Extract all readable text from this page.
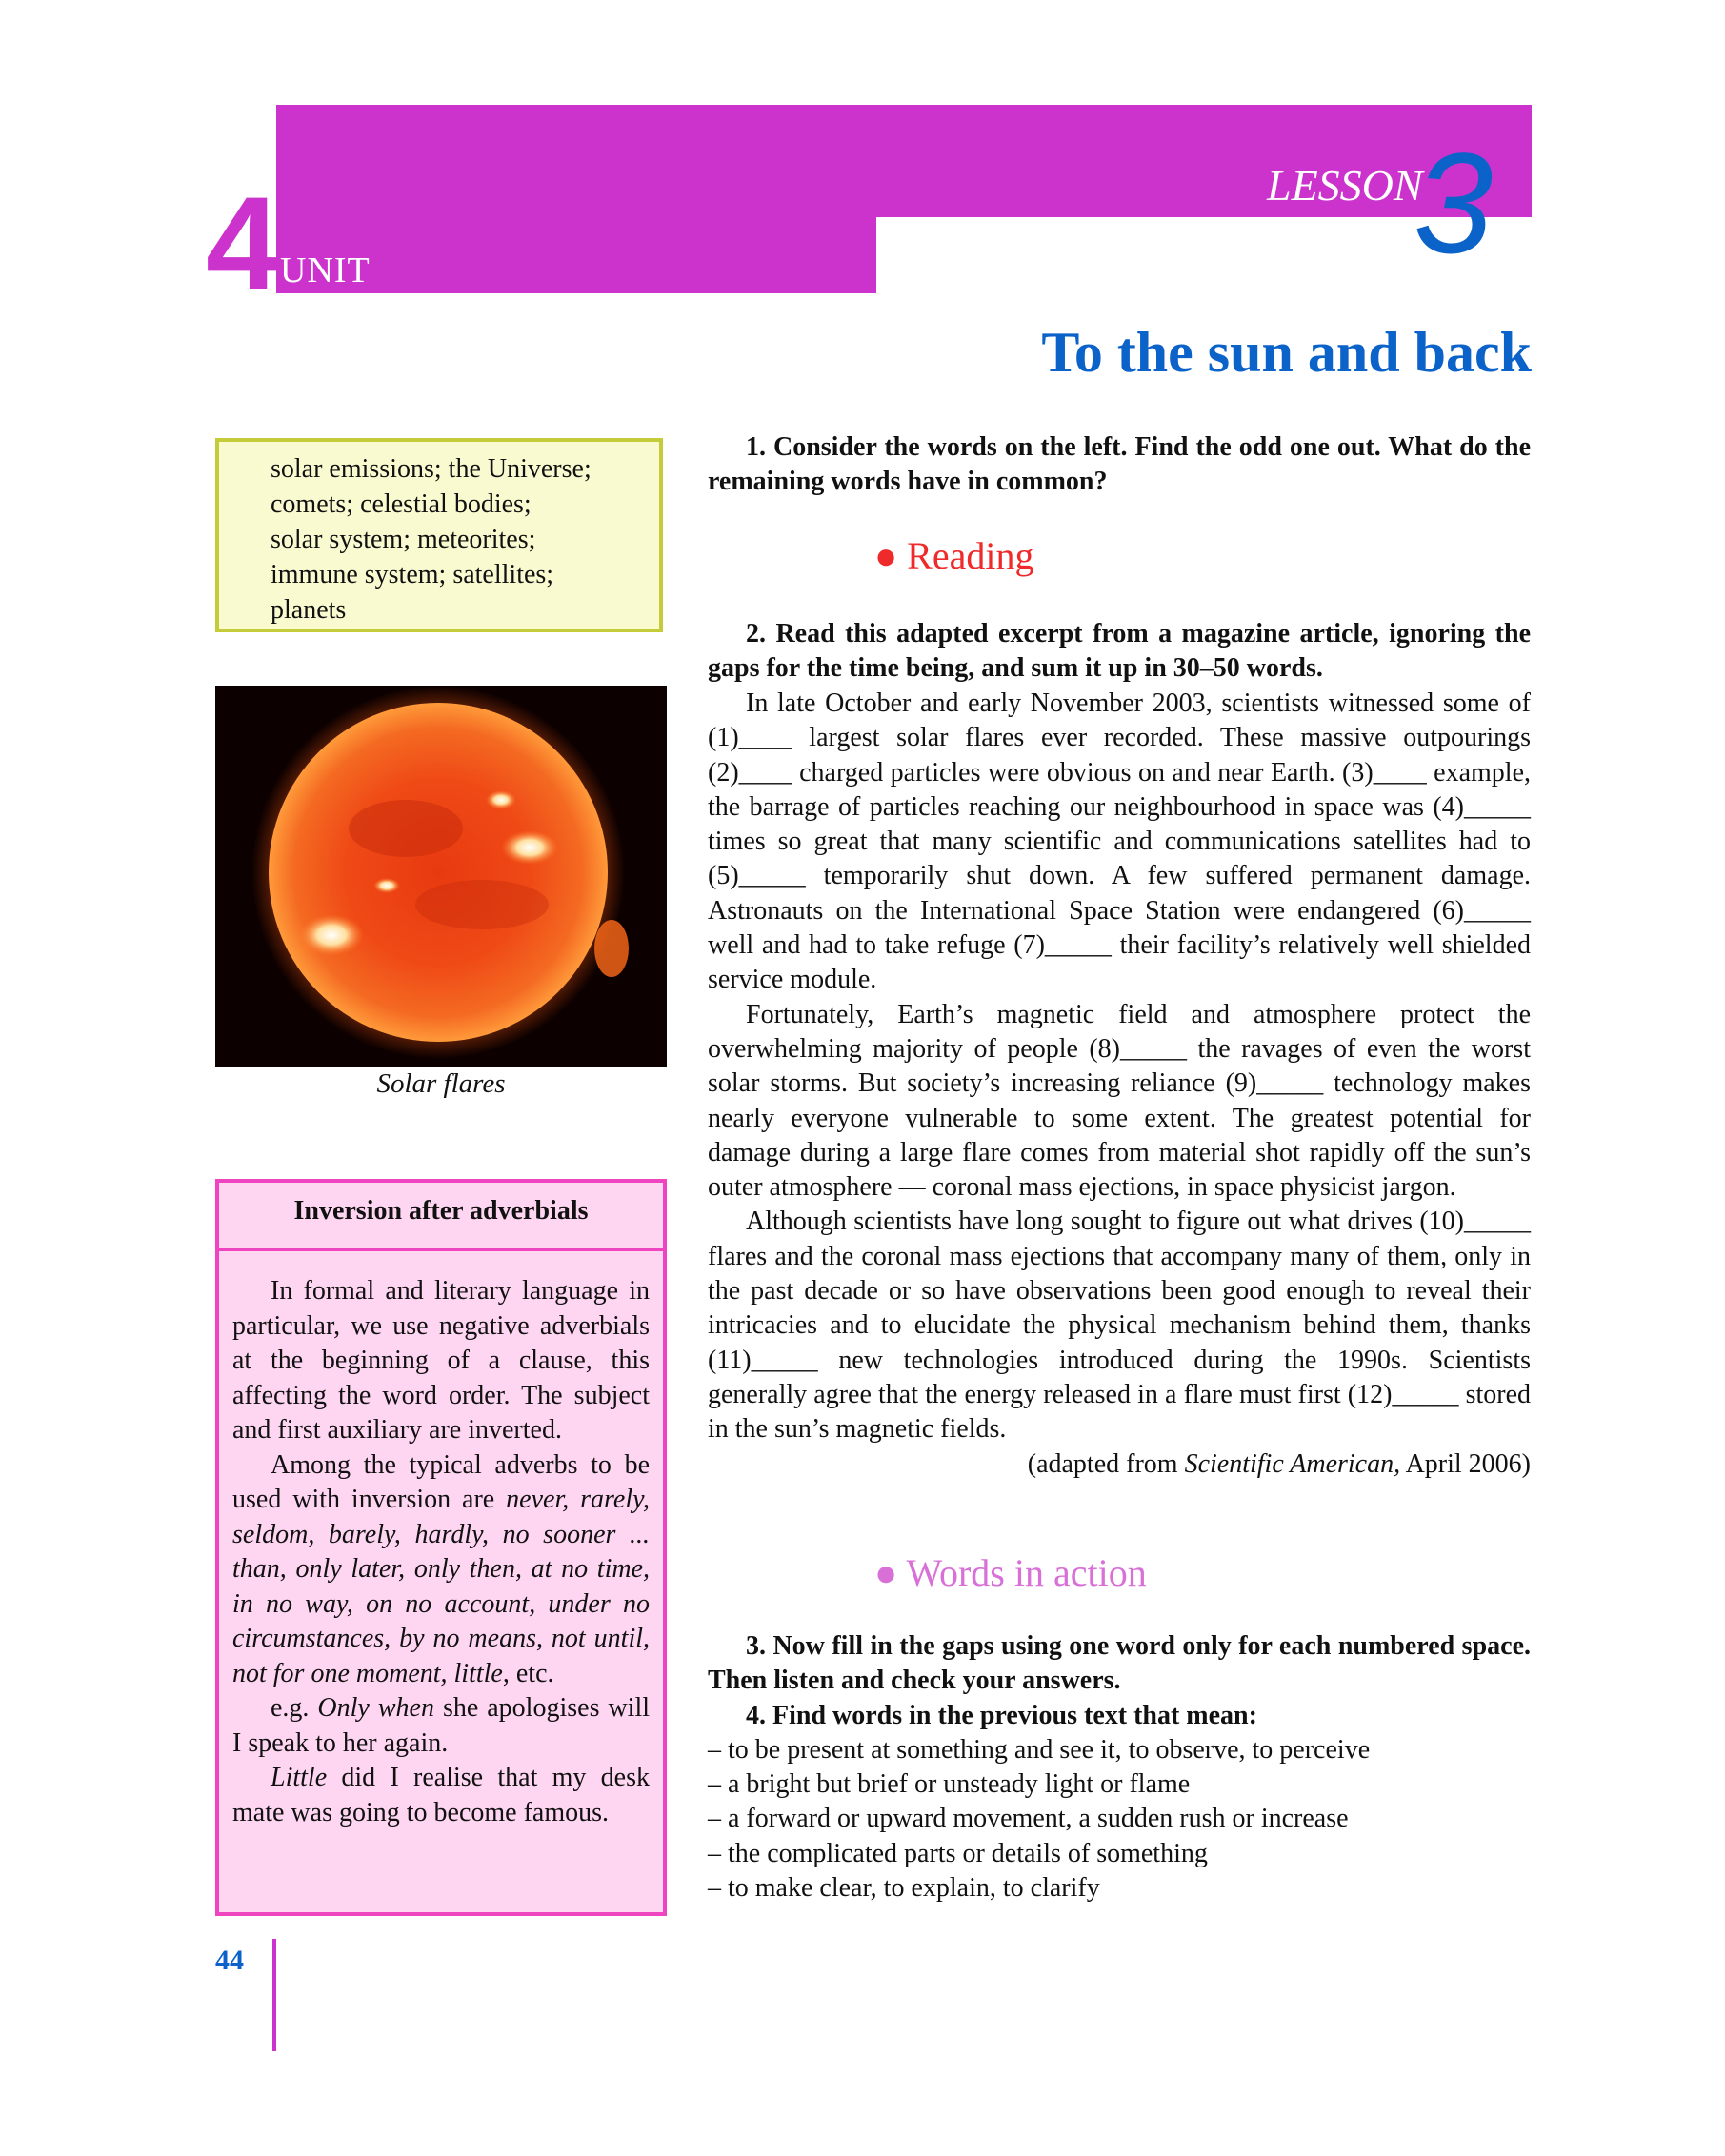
4 UNIT
LESSON
3
To the sun and back
solar emissions; the Universe;
comets; celestial bodies;
solar system; meteorites;
immune system; satellites;
planets
Solar flares
Inversion after adverbials

In formal and literary language in particular, we use negative adverbials at the beginning of a clause, this affecting the word order. The subject and first auxiliary are inverted.

Among the typical adverbs to be used with inversion are never, rarely, seldom, barely, hardly, no sooner ... than, only later, only then, at no time, in no way, on no account, under no circumstances, by no means, not until, not for one moment, little, etc.

e.g. Only when she apologises will I speak to her again.

Little did I realise that my desk mate was going to become famous.

44
1. Consider the words on the left. Find the odd one out. What do the remaining words have in common?
● Reading
2. Read this adapted excerpt from a magazine article, ignoring the gaps for the time being, and sum it up in 30–50 words.

In late October and early November 2003, scientists witnessed some of (1)____ largest solar flares ever recorded. These massive outpourings (2)____ charged particles were obvious on and near Earth. (3)____ example, the barrage of particles reaching our neighbourhood in space was (4)_____ times so great that many scientific and communications satellites had to (5)_____ temporarily shut down. A few suffered permanent damage. Astronauts on the International Space Station were endangered (6)_____ well and had to take refuge (7)_____ their facility’s relatively well shielded service module.

Fortunately, Earth’s magnetic field and atmosphere protect the overwhelming majority of people (8)_____ the ravages of even the worst solar storms. But society’s increasing reliance (9)_____ technology makes nearly everyone vulnerable to some extent. The greatest potential for damage during a large flare comes from material shot rapidly off the sun’s outer atmosphere — coronal mass ejections, in space physicist jargon.

Although scientists have long sought to figure out what drives (10)_____ flares and the coronal mass ejections that accompany many of them, only in the past decade or so have observations been good enough to reveal their intricacies and to elucidate the physical mechanism behind them, thanks (11)_____ new technologies introduced during the 1990s. Scientists generally agree that the energy released in a flare must first (12)_____ stored in the sun’s magnetic fields.

(adapted from Scientific American, April 2006)
● Words in action
3. Now fill in the gaps using one word only for each numbered space. Then listen and check your answers.
4. Find words in the previous text that mean:
– to be present at something and see it, to observe, to perceive
– a bright but brief or unsteady light or flame
– a forward or upward movement, a sudden rush or increase
– the complicated parts or details of something
– to make clear, to explain, to clarify
